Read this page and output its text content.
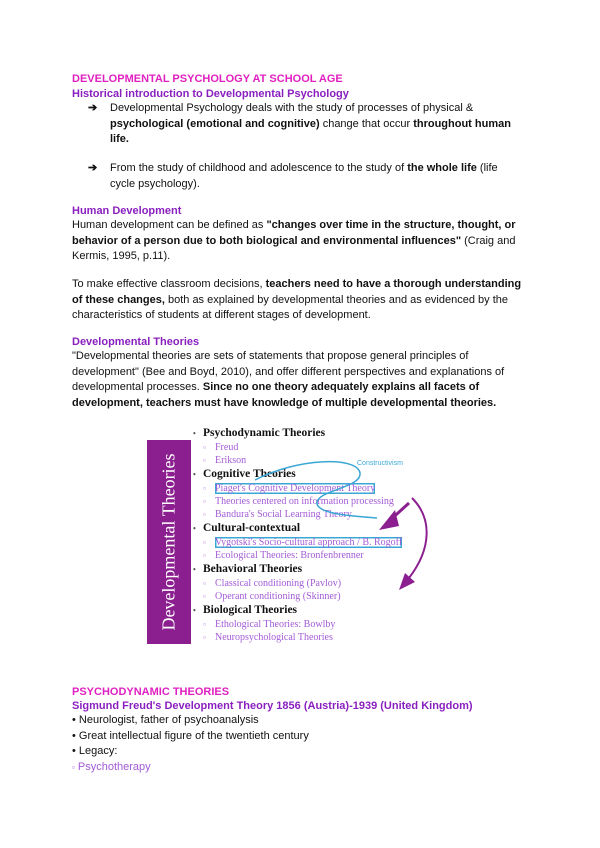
DEVELOPMENTAL PSYCHOLOGY AT SCHOOL AGE
Historical introduction to Developmental Psychology
➔	Developmental Psychology deals with the study of processes of physical &
psychological (emotional and cognitive) change that occur throughout human
life.
➔	From the study of childhood and adolescence to the study of the whole life (life
cycle psychology).
Human Development
Human development can be defined as "changes over time in the structure, thought, or
behavior of a person due to both biological and environmental influences" (Craig and
Kermis, 1995, p.11).
To make effective classroom decisions, teachers need to have a thorough understanding
of these changes, both as explained by developmental theories and as evidenced by the
characteristics of students at different stages of development.
Developmental Theories
"Developmental theories are sets of statements that propose general principles of
development" (Bee and Boyd, 2010), and offer different perspectives and explanations of
developmental processes. Since no one theory adequately explains all facets of
development, teachers must have knowledge of multiple developmental theories.
Developmental Theories
• Psychodynamic Theories
▫ Freud
▫ Erikson
• Cognitive Theories
▫ Piaget's Cognitive Development Theory
▫ Theories centered on information processing
▫ Bandura's Social Learning Theory
• Cultural-contextual
▫ Vygotski's Socio-cultural approach / B. Rogoff
▫ Ecological Theories: Bronfenbrenner
• Behavioral Theories
▫ Classical conditioning (Pavlov)
▫ Operant conditioning (Skinner)
• Biological Theories
▫ Ethological Theories: Bowlby
▫ Neuropsychological Theories
Constructivism
PSYCHODYNAMIC THEORIES
Sigmund Freud's Development Theory 1856 (Austria)-1939 (United Kingdom)
• Neurologist, father of psychoanalysis
• Great intellectual figure of the twentieth century
• Legacy:
▫ Psychotherapy
